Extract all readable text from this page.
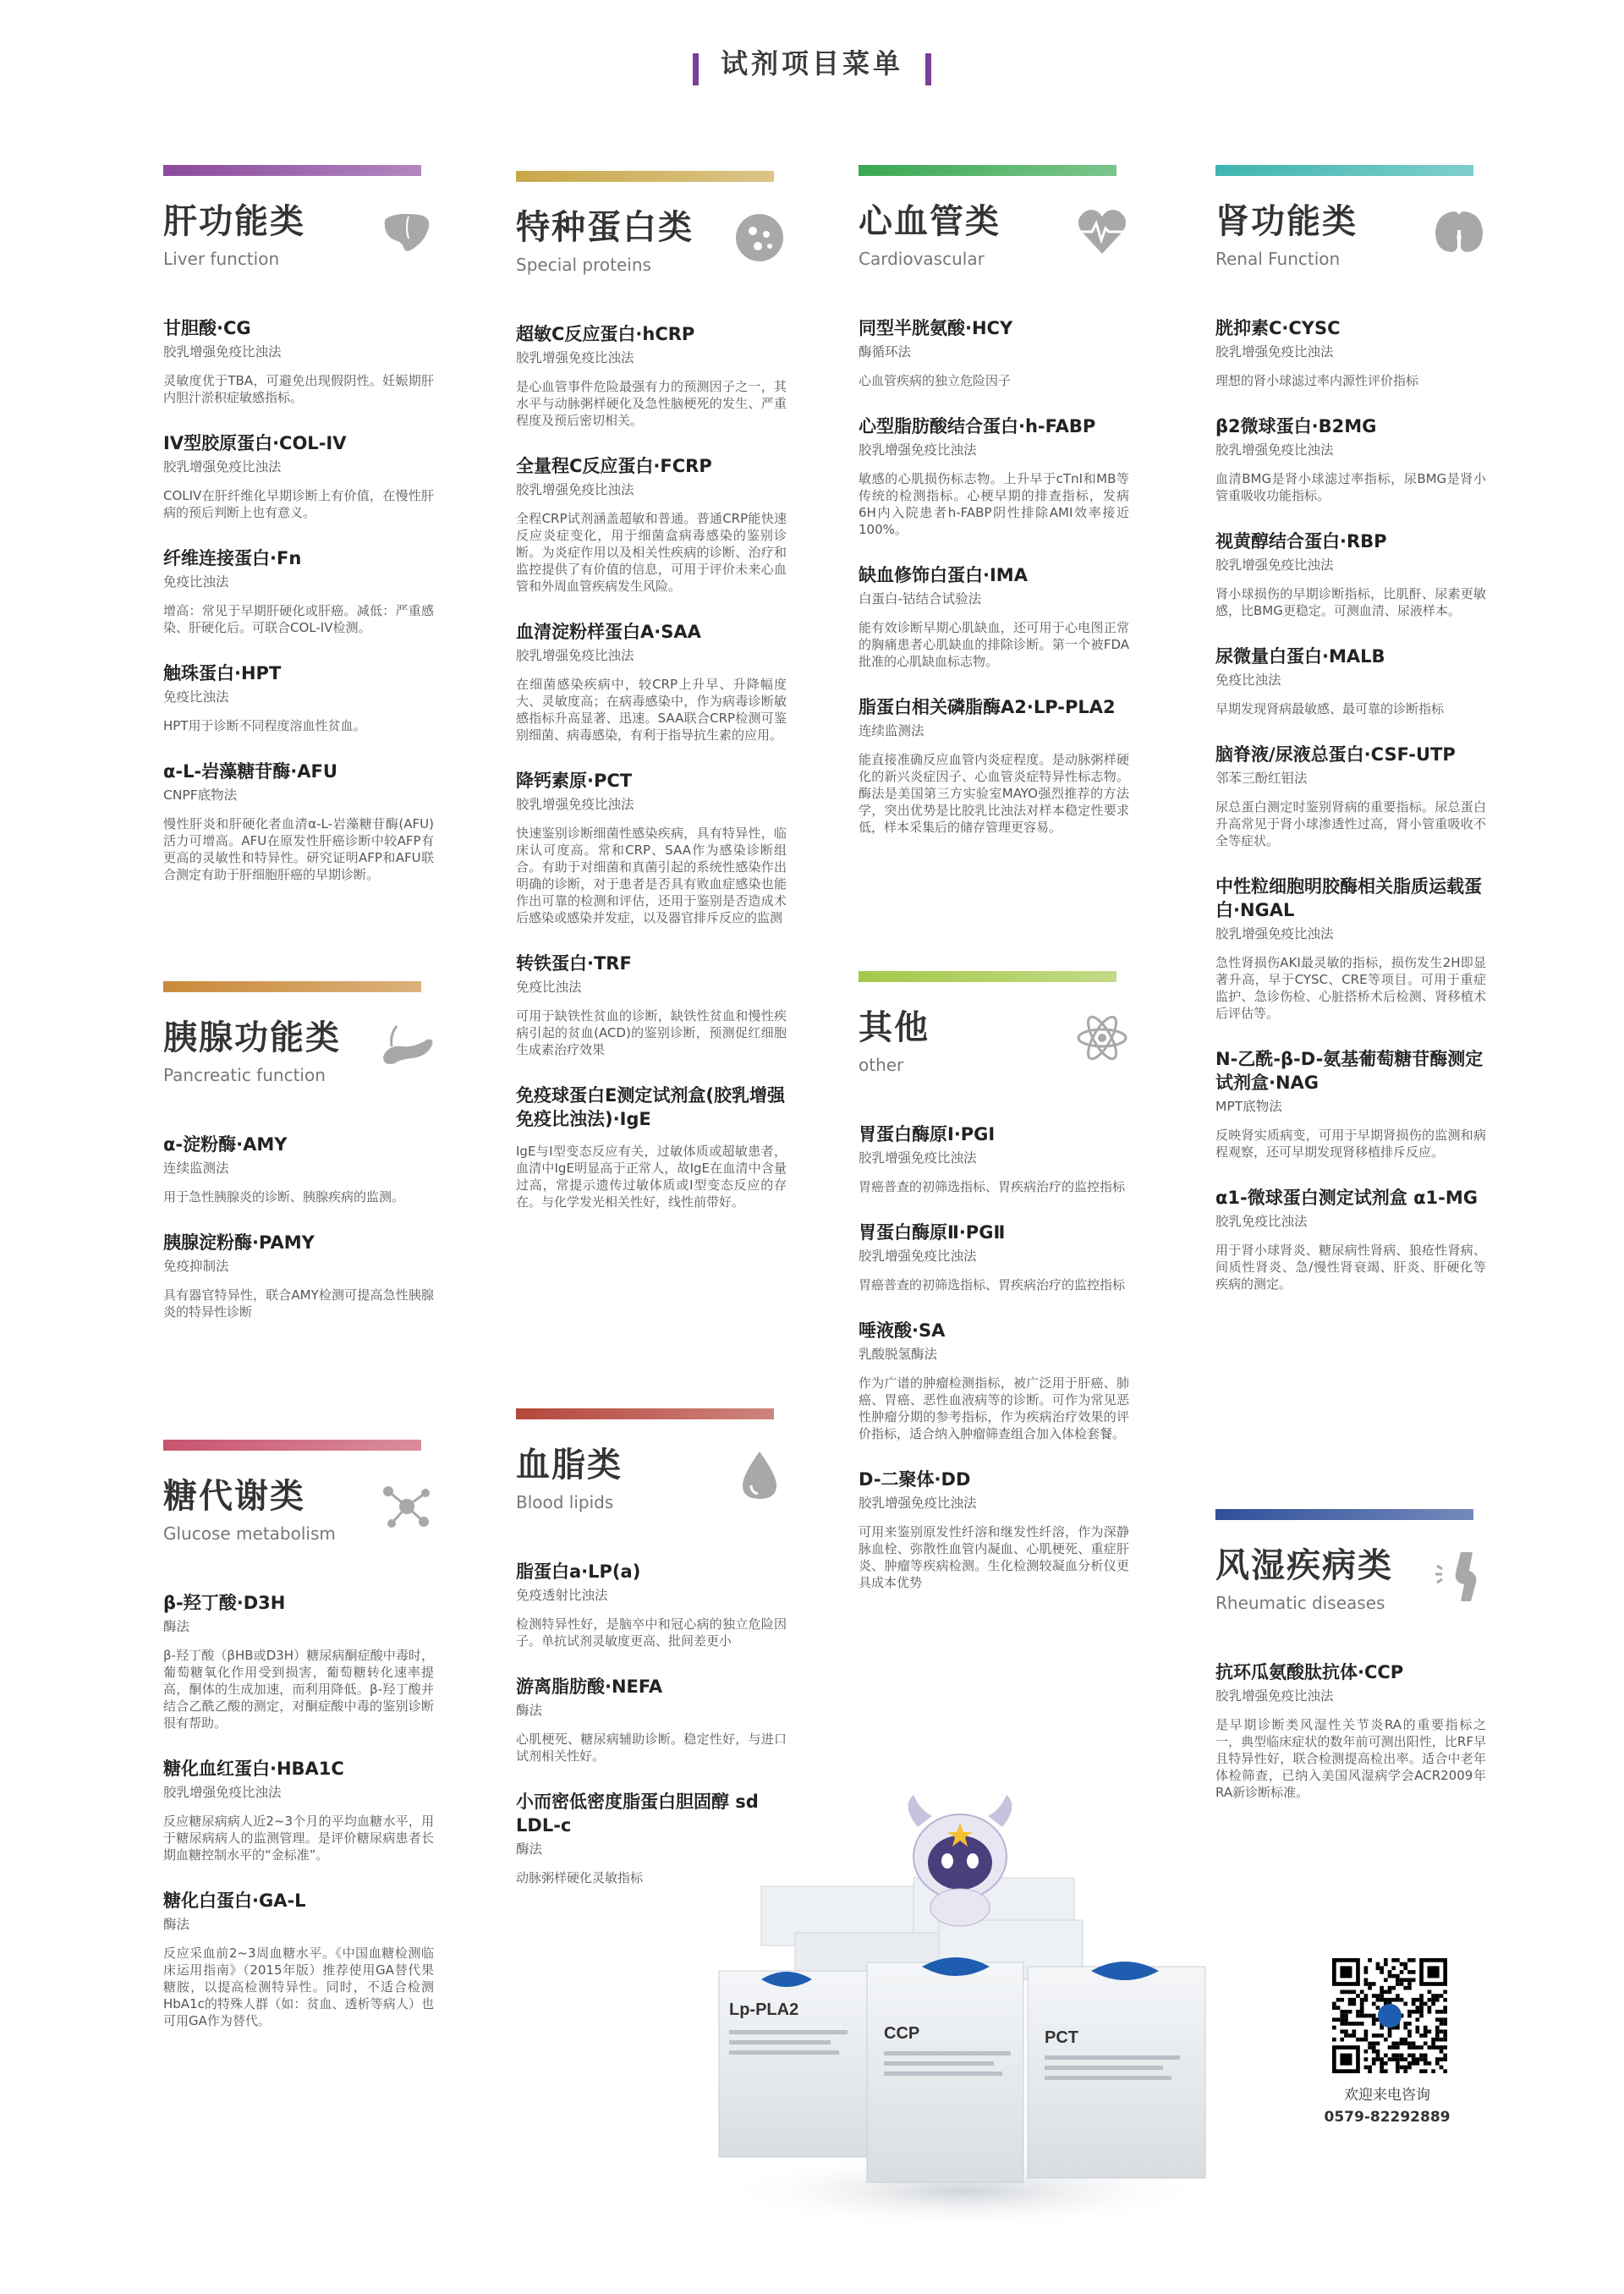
试剂项目菜单
肝功能类
Liver function
甘胆酸·CG
胶乳增强免疫比浊法
灵敏度优于TBA，可避免出现假阴性。妊娠期肝内胆汁淤积症敏感指标。
IV型胶原蛋白·COL-IV
胶乳增强免疫比浊法
COLIV在肝纤维化早期诊断上有价值，在慢性肝病的预后判断上也有意义。
纤维连接蛋白·Fn
免疫比浊法
增高：常见于早期肝硬化或肝癌。减低：严重感染、肝硬化后。可联合COL-IV检测。
触珠蛋白·HPT
免疫比浊法
HPT用于诊断不同程度溶血性贫血。
α-L-岩藻糖苷酶·AFU
CNPF底物法
慢性肝炎和肝硬化者血清α-L-岩藻糖苷酶(AFU)活力可增高。AFU在原发性肝癌诊断中较AFP有更高的灵敏性和特异性。研究证明AFP和AFU联合测定有助于肝细胞肝癌的早期诊断。
胰腺功能类
Pancreatic function
α-淀粉酶·AMY
连续监测法
用于急性胰腺炎的诊断、胰腺疾病的监测。
胰腺淀粉酶·PAMY
免疫抑制法
具有器官特异性，联合AMY检测可提高急性胰腺炎的特异性诊断
糖代谢类
Glucose metabolism
β-羟丁酸·D3H
酶法
β-羟丁酸（βHB或D3H）糖尿病酮症酸中毒时，葡萄糖氧化作用受到损害，葡萄糖转化速率提高，酮体的生成加速，而利用降低。β-羟丁酸并结合乙酰乙酸的测定，对酮症酸中毒的鉴别诊断很有帮助。
糖化血红蛋白·HBA1C
胶乳增强免疫比浊法
反应糖尿病病人近2~3个月的平均血糖水平，用于糖尿病病人的监测管理。是评价糖尿病患者长期血糖控制水平的“金标准”。
糖化白蛋白·GA-L
酶法
反应采血前2~3周血糖水平。《中国血糖检测临床运用指南》（2015年版）推荐使用GA替代果糖胺，以提高检测特异性。同时，不适合检测HbA1c的特殊人群（如：贫血、透析等病人）也可用GA作为替代。
特种蛋白类
Special proteins
超敏C反应蛋白·hCRP
胶乳增强免疫比浊法
是心血管事件危险最强有力的预测因子之一，其水平与动脉粥样硬化及急性脑梗死的发生、严重程度及预后密切相关。
全量程C反应蛋白·FCRP
胶乳增强免疫比浊法
全程CRP试剂涵盖超敏和普通。普通CRP能快速反应炎症变化，用于细菌盒病毒感染的鉴别诊断。为炎症作用以及相关性疾病的诊断、治疗和监控提供了有价值的信息，可用于评价未来心血管和外周血管疾病发生风险。
血清淀粉样蛋白A·SAA
胶乳增强免疫比浊法
在细菌感染疾病中，较CRP上升早、升降幅度大、灵敏度高；在病毒感染中，作为病毒诊断敏感指标升高显著、迅速。SAA联合CRP检测可鉴别细菌、病毒感染，有利于指导抗生素的应用。
降钙素原·PCT
胶乳增强免疫比浊法
快速鉴别诊断细菌性感染疾病，具有特异性，临床认可度高。常和CRP、SAA作为感染诊断组合。有助于对细菌和真菌引起的系统性感染作出明确的诊断，对于患者是否具有败血症感染也能作出可靠的检测和评估，还用于鉴别是否造成术后感染或感染并发症，以及器官排斥反应的监测
转铁蛋白·TRF
免疫比浊法
可用于缺铁性贫血的诊断，缺铁性贫血和慢性疾病引起的贫血(ACD)的鉴别诊断，预测促红细胞生成素治疗效果
免疫球蛋白E测定试剂盒(胶乳增强免疫比浊法)·IgE
IgE与I型变态反应有关，过敏体质或超敏患者，血清中IgE明显高于正常人，故IgE在血清中含量过高，常提示遗传过敏体质或I型变态反应的存在。与化学发光相关性好，线性前带好。
血脂类
Blood lipids
脂蛋白a·LP(a)
免疫透射比浊法
检测特异性好，是脑卒中和冠心病的独立危险因子。单抗试剂灵敏度更高、批间差更小
游离脂肪酸·NEFA
酶法
心肌梗死、糖尿病辅助诊断。稳定性好，与进口试剂相关性好。
小而密低密度脂蛋白胆固醇 sd LDL-c
酶法
动脉粥样硬化灵敏指标
心血管类
Cardiovascular
同型半胱氨酸·HCY
酶循环法
心血管疾病的独立危险因子
心型脂肪酸结合蛋白·h-FABP
胶乳增强免疫比浊法
敏感的心肌损伤标志物。上升早于cTnI和MB等传统的检测指标。心梗早期的排查指标，发病6H内入院患者h-FABP阴性排除AMI效率接近100%。
缺血修饰白蛋白·IMA
白蛋白-钴结合试验法
能有效诊断早期心肌缺血，还可用于心电图正常的胸痛患者心肌缺血的排除诊断。第一个被FDA批准的心肌缺血标志物。
脂蛋白相关磷脂酶A2·LP-PLA2
连续监测法
能直接准确反应血管内炎症程度。是动脉粥样硬化的新兴炎症因子、心血管炎症特异性标志物。酶法是美国第三方实验室MAYO强烈推荐的方法学，突出优势是比胶乳比浊法对样本稳定性要求低，样本采集后的储存管理更容易。
其他
other
胃蛋白酶原Ⅰ·PGⅠ
胶乳增强免疫比浊法
胃癌普查的初筛选指标、胃疾病治疗的监控指标
胃蛋白酶原Ⅱ·PGⅡ
胶乳增强免疫比浊法
胃癌普查的初筛选指标、胃疾病治疗的监控指标
唾液酸·SA
乳酸脱氢酶法
作为广谱的肿瘤检测指标，被广泛用于肝癌、肺癌、胃癌、恶性血液病等的诊断。可作为常见恶性肿瘤分期的参考指标，作为疾病治疗效果的评价指标，适合纳入肿瘤筛查组合加入体检套餐。
D-二聚体·DD
胶乳增强免疫比浊法
可用来鉴别原发性纤溶和继发性纤溶，作为深静脉血栓、弥散性血管内凝血、心肌梗死、重症肝炎、肿瘤等疾病检测。生化检测较凝血分析仪更具成本优势
肾功能类
Renal Function
胱抑素C·CYSC
胶乳增强免疫比浊法
理想的肾小球滤过率内源性评价指标
β2微球蛋白·B2MG
胶乳增强免疫比浊法
血清BMG是肾小球滤过率指标，尿BMG是肾小管重吸收功能指标。
视黄醇结合蛋白·RBP
胶乳增强免疫比浊法
肾小球损伤的早期诊断指标，比肌酐、尿素更敏感，比BMG更稳定。可测血清、尿液样本。
尿微量白蛋白·MALB
免疫比浊法
早期发现肾病最敏感、最可靠的诊断指标
脑脊液/尿液总蛋白·CSF-UTP
邻苯三酚红钼法
尿总蛋白测定时鉴别肾病的重要指标。尿总蛋白升高常见于肾小球渗透性过高，肾小管重吸收不全等症状。
中性粒细胞明胶酶相关脂质运载蛋白·NGAL
胶乳增强免疫比浊法
急性肾损伤AKI最灵敏的指标，损伤发生2H即显著升高，早于CYSC、CRE等项目。可用于重症监护、急诊伤检、心脏搭桥术后检测、肾移植术后评估等。
N-乙酰-β-D-氨基葡萄糖苷酶测定试剂盒·NAG
MPT底物法
反映肾实质病变，可用于早期肾损伤的监测和病程观察，还可早期发现肾移植排斥反应。
α1-微球蛋白测定试剂盒 α1-MG
胶乳免疫比浊法
用于肾小球肾炎、糖尿病性肾病、狼疮性肾病、间质性肾炎、急/慢性肾衰竭、肝炎、肝硬化等疾病的测定。
风湿疾病类
Rheumatic diseases
抗环瓜氨酸肽抗体·CCP
胶乳增强免疫比浊法
是早期诊断类风湿性关节炎RA的重要指标之一，典型临床症状的数年前可测出阳性，比RF早且特异性好，联合检测提高检出率。适合中老年体检筛查，已纳入美国风湿病学会ACR2009年RA新诊断标准。
Lp-PLA2
CCP	PCT
欢迎来电咨询
0579-82292889
